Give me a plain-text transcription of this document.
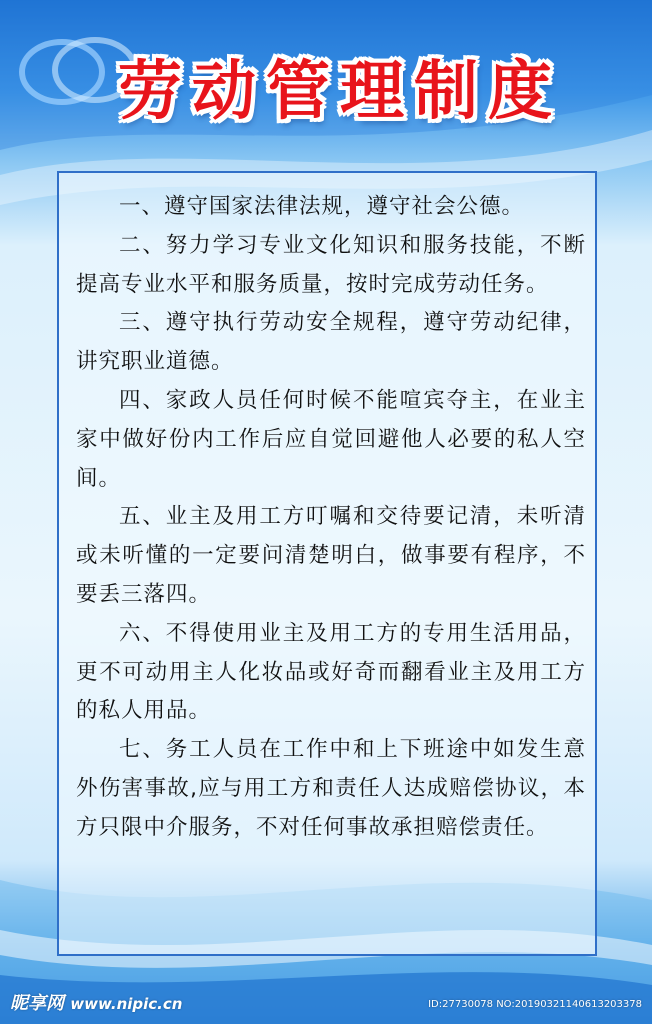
劳动管理制度

一、遵守国家法律法规，遵守社会公德。

二、努力学习专业文化知识和服务技能，不断提高专业水平和服务质量，按时完成劳动任务。

三、遵守执行劳动安全规程，遵守劳动纪律，讲究职业道德。

四、家政人员任何时候不能喧宾夺主，在业主家中做好份内工作后应自觉回避他人必要的私人空间。

五、业主及用工方叮嘱和交待要记清，未听清或未听懂的一定要问清楚明白，做事要有程序，不要丢三落四。

六、不得使用业主及用工方的专用生活用品，更不可动用主人化妆品或好奇而翻看业主及用工方的私人用品。

七、务工人员在工作中和上下班途中如发生意外伤害事故,应与用工方和责任人达成赔偿协议，本方只限中介服务，不对任何事故承担赔偿责任。

昵享网 www.nipic.cn	ID:27730078 NO:20190321140613203378
